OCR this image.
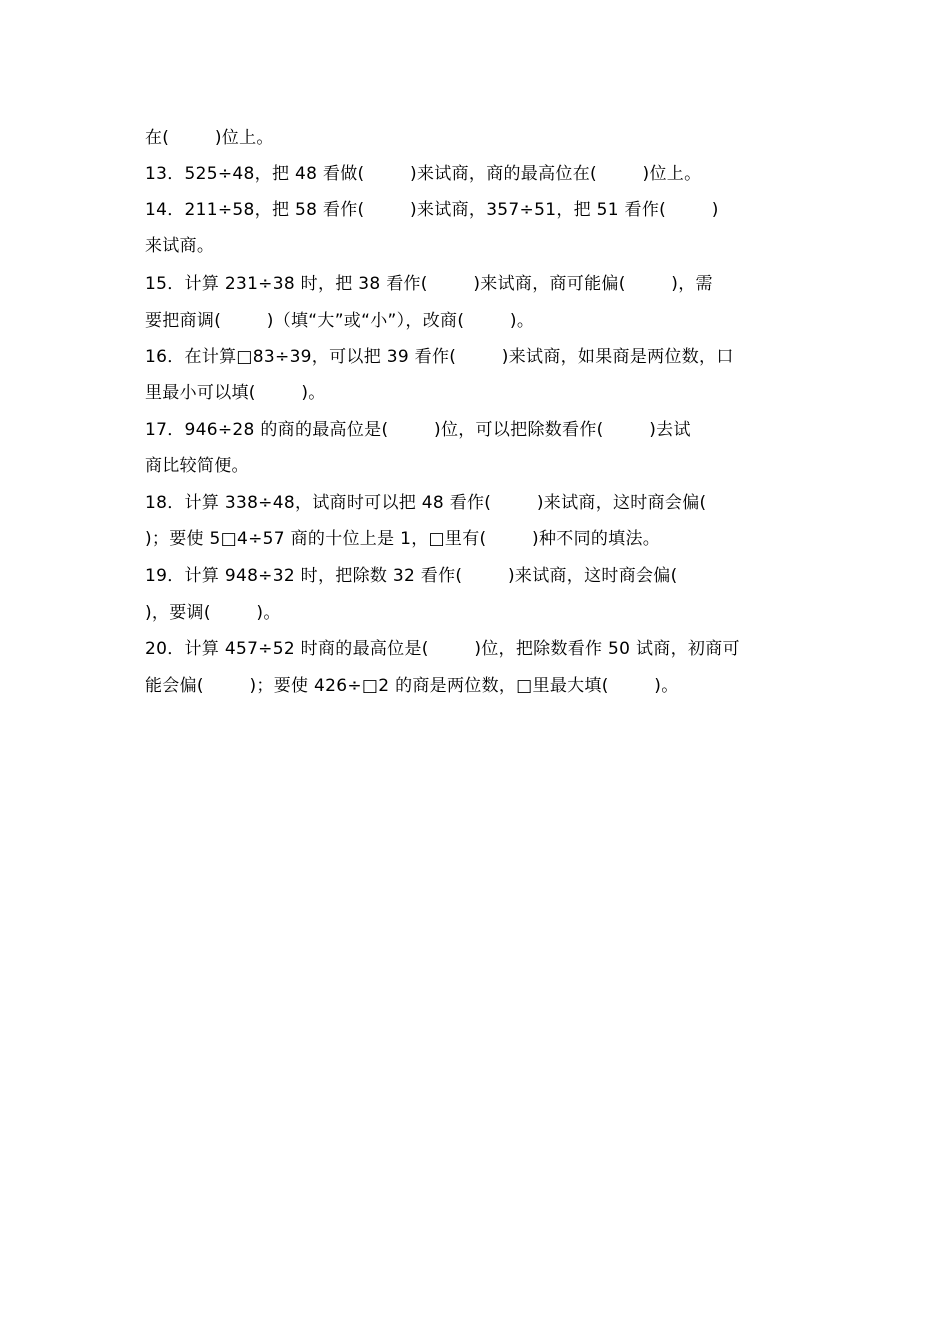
在(        )位上。
13．525÷48，把 48 看做(        )来试商，商的最高位在(        )位上。
14．211÷58，把 58 看作(        )来试商，357÷51，把 51 看作(        )
来试商。
15．计算 231÷38 时，把 38 看作(        )来试商，商可能偏(        )，需
要把商调(        )（填“大”或“小”），改商(        )。
16．在计算□83÷39，可以把 39 看作(        )来试商，如果商是两位数，口
里最小可以填(        )。
17．946÷28 的商的最高位是(        )位，可以把除数看作(        )去试
商比较简便。
18．计算 338÷48，试商时可以把 48 看作(        )来试商，这时商会偏(
)；要使 5□4÷57 商的十位上是 1，□里有(        )种不同的填法。
19．计算 948÷32 时，把除数 32 看作(        )来试商，这时商会偏(
)，要调(        )。
20．计算 457÷52 时商的最高位是(        )位，把除数看作 50 试商，初商可
能会偏(        )；要使 426÷□2 的商是两位数，□里最大填(        )。
